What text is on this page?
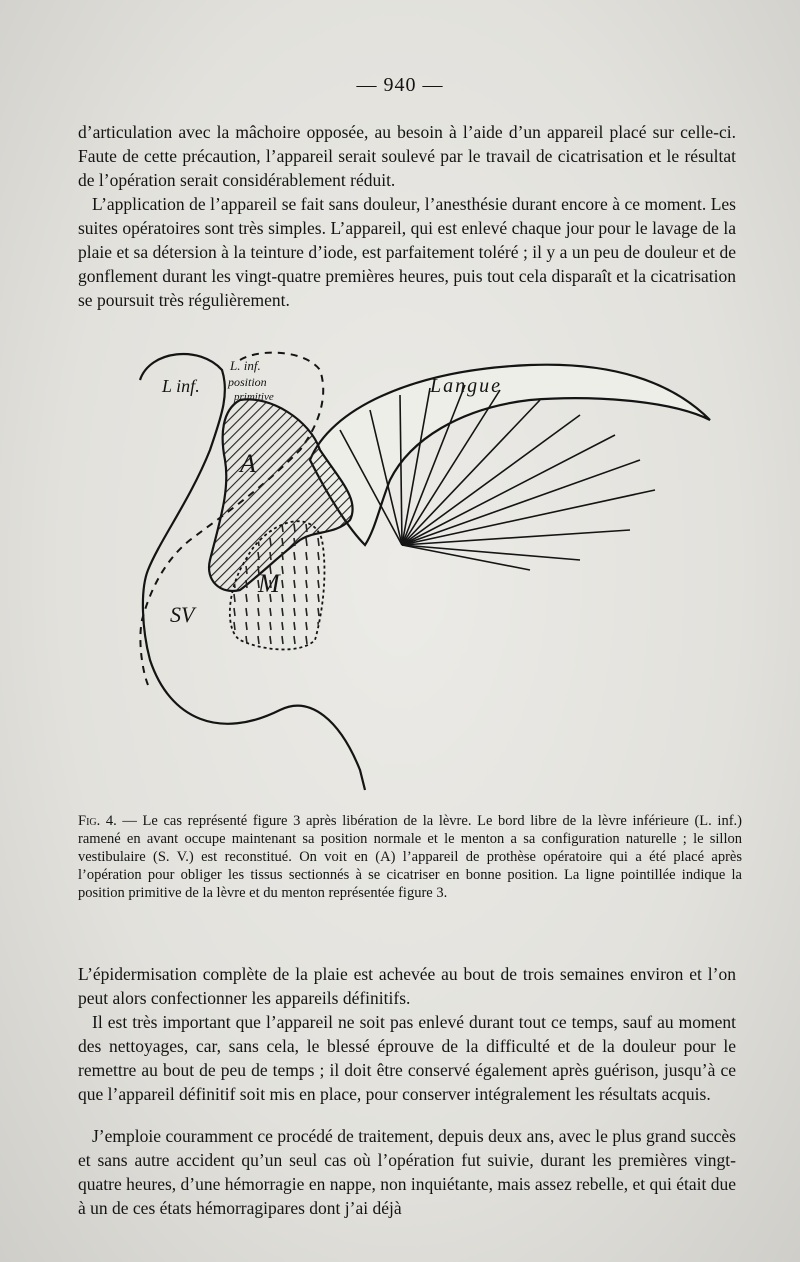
— 940 —

d’articulation avec la mâchoire opposée, au besoin à l’aide d’un appareil placé sur celle-ci. Faute de cette précaution, l’appareil serait soulevé par le travail de cicatrisation et le résultat de l’opération serait considérablement réduit.

L’application de l’appareil se fait sans douleur, l’anesthésie durant encore à ce moment. Les suites opératoires sont très simples. L’appareil, qui est enlevé chaque jour pour le lavage de la plaie et sa détersion à la teinture d’iode, est parfaitement toléré ; il y a un peu de douleur et de gonflement durant les vingt-quatre premières heures, puis tout cela disparaît et la cicatrisation se poursuit très régulièrement.

L inf.
L. inf.
position
primitive	Langue
A
M
SV

Fig. 4. — Le cas représenté figure 3 après libération de la lèvre. Le bord libre de la lèvre inférieure (L. inf.) ramené en avant occupe maintenant sa position normale et le menton a sa configuration naturelle ; le sillon vestibulaire (S. V.) est reconstitué. On voit en (A) l’appareil de prothèse opératoire qui a été placé après l’opération pour obliger les tissus sectionnés à se cicatriser en bonne position. La ligne pointillée indique la position primitive de la lèvre et du menton représentée figure 3.

L’épidermisation complète de la plaie est achevée au bout de trois semaines environ et l’on peut alors confectionner les appareils définitifs.

Il est très important que l’appareil ne soit pas enlevé durant tout ce temps, sauf au moment des nettoyages, car, sans cela, le blessé éprouve de la difficulté et de la douleur pour le remettre au bout de peu de temps ; il doit être conservé également après guérison, jusqu’à ce que l’appareil définitif soit mis en place, pour conserver intégralement les résultats acquis.

J’emploie couramment ce procédé de traitement, depuis deux ans, avec le plus grand succès et sans autre accident qu’un seul cas où l’opération fut suivie, durant les premières vingt-quatre heures, d’une hémorragie en nappe, non inquiétante, mais assez rebelle, et qui était due à un de ces états hémorragipares dont j’ai déjà
